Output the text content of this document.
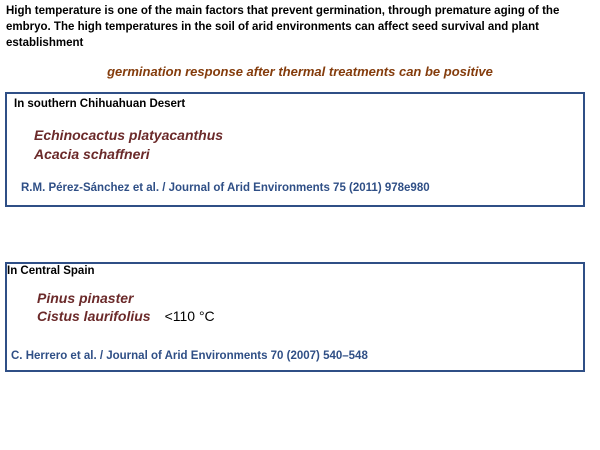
High temperature is one of the main factors that prevent germination, through premature aging of the embryo. The high temperatures in the soil of arid environments can affect seed survival and plant establishment

germination response after thermal treatments can be positive

In southern Chihuahuan Desert

Echinocactus platyacanthus

Acacia schaffneri

R.M. Pérez-Sánchez et al. / Journal of Arid Environments 75 (2011) 978e980

In Central Spain

Pinus pinaster

Cistus laurifolius <110 °C

C. Herrero et al. / Journal of Arid Environments 70 (2007) 540–548
